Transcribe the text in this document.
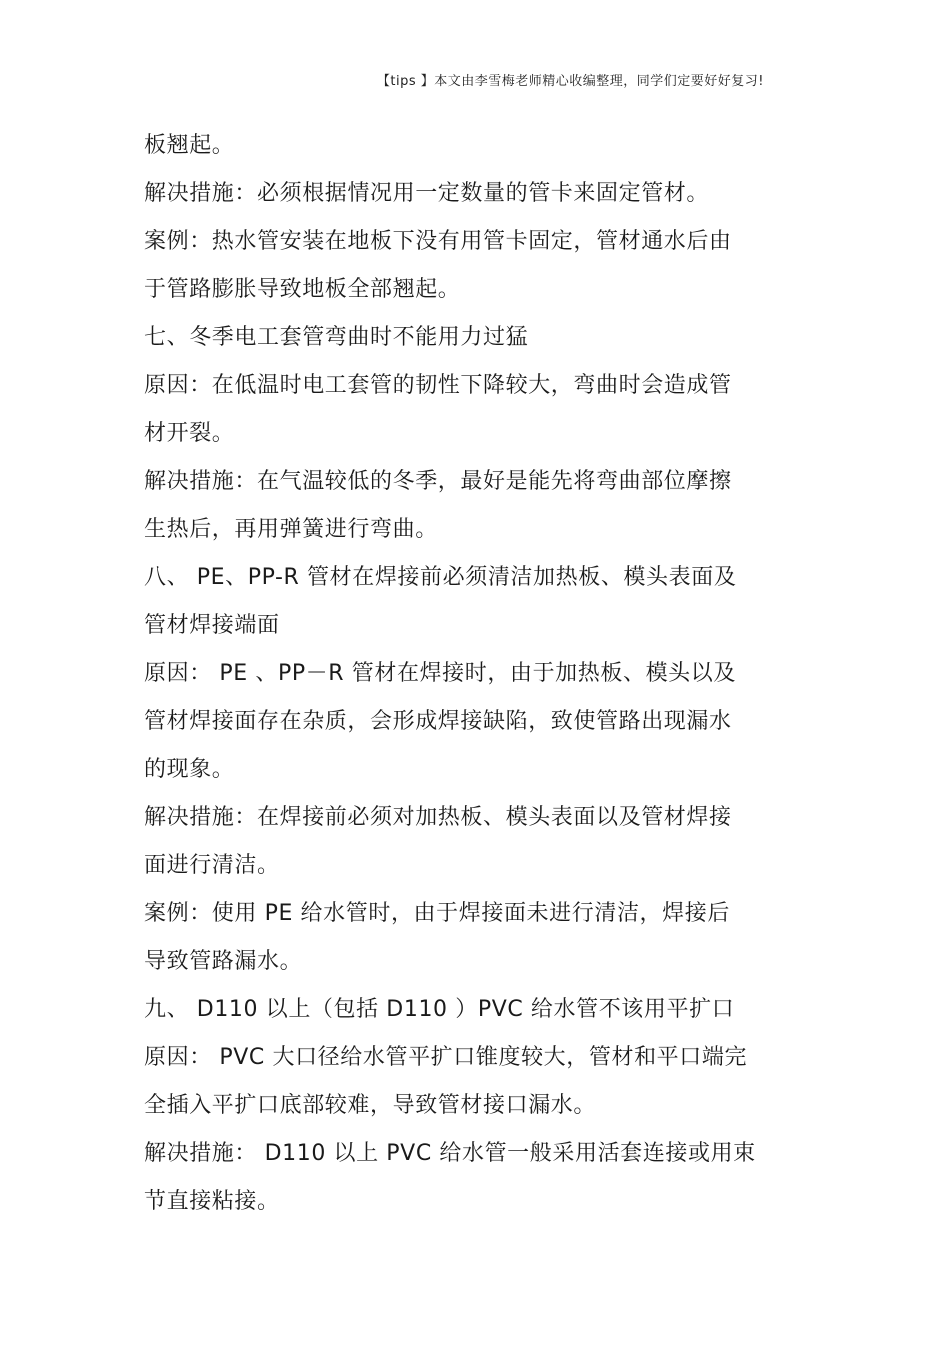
【tips 】本文由李雪梅老师精心收编整理，同学们定要好好复习!
板翘起。
解决措施：必须根据情况用一定数量的管卡来固定管材。
案例：热水管安装在地板下没有用管卡固定，管材通水后由
于管路膨胀导致地板全部翘起。
七、冬季电工套管弯曲时不能用力过猛
原因：在低温时电工套管的韧性下降较大，弯曲时会造成管
材开裂。
解决措施：在气温较低的冬季，最好是能先将弯曲部位摩擦
生热后，再用弹簧进行弯曲。
八、 PE、PP-R 管材在焊接前必须清洁加热板、模头表面及
管材焊接端面
原因： PE 、PP－R 管材在焊接时，由于加热板、模头以及
管材焊接面存在杂质，会形成焊接缺陷，致使管路出现漏水
的现象。
解决措施：在焊接前必须对加热板、模头表面以及管材焊接
面进行清洁。
案例：使用 PE 给水管时，由于焊接面未进行清洁，焊接后
导致管路漏水。
九、 D110 以上（包括 D110 ）PVC 给水管不该用平扩口
原因： PVC 大口径给水管平扩口锥度较大，管材和平口端完
全插入平扩口底部较难，导致管材接口漏水。
解决措施： D110 以上 PVC 给水管一般采用活套连接或用束
节直接粘接。
